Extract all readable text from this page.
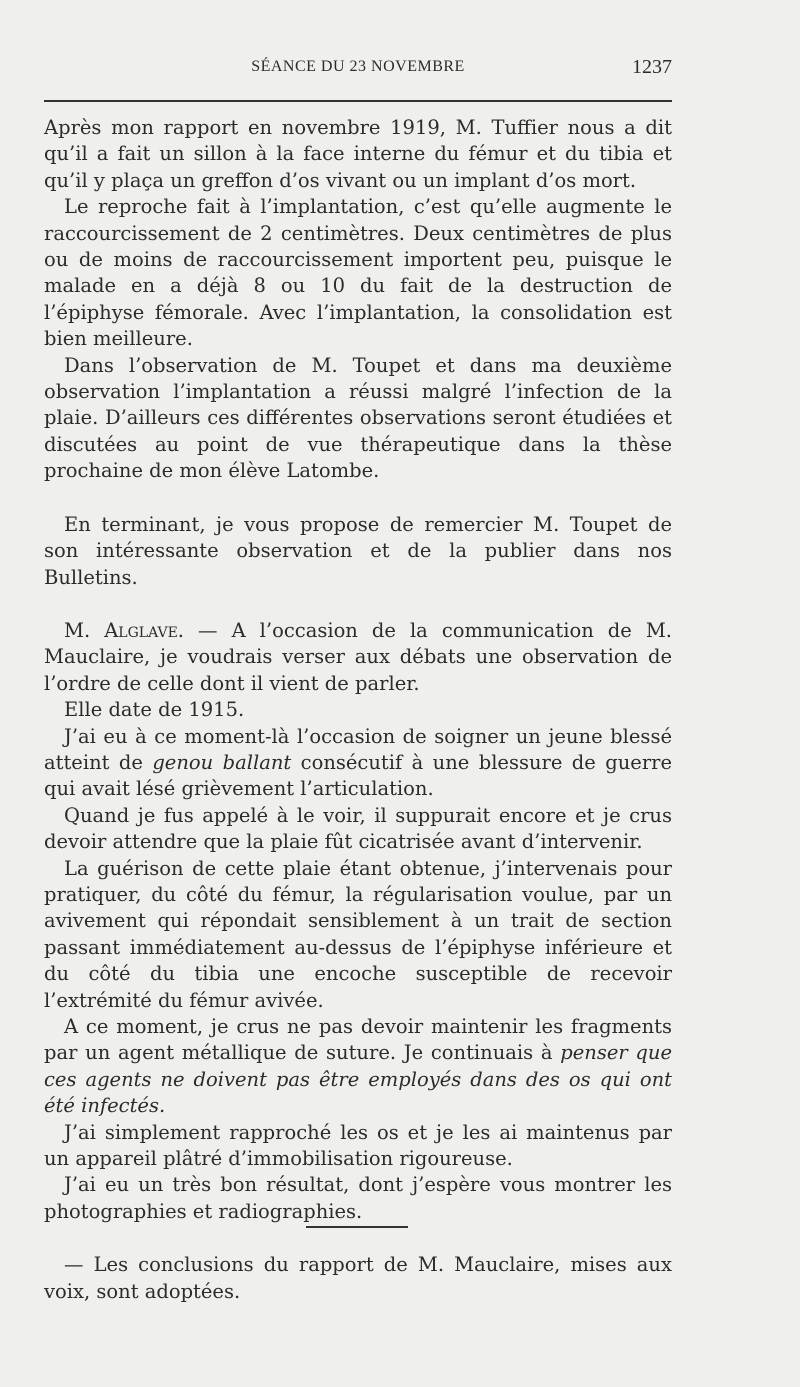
SÉANCE DU 23 NOVEMBRE	1237

Après mon rapport en novembre 1919, M. Tuffier nous a dit qu’il a fait un sillon à la face interne du fémur et du tibia et qu’il y plaça un greffon d’os vivant ou un implant d’os mort.

Le reproche fait à l’implantation, c’est qu’elle augmente le raccourcissement de 2 centimètres. Deux centimètres de plus ou de moins de raccourcissement importent peu, puisque le malade en a déjà 8 ou 10 du fait de la destruction de l’épiphyse fémorale. Avec l’implantation, la consolidation est bien meilleure.

Dans l’observation de M. Toupet et dans ma deuxième observation l’implantation a réussi malgré l’infection de la plaie. D’ailleurs ces différentes observations seront étudiées et discutées au point de vue thérapeutique dans la thèse prochaine de mon élève Latombe.

En terminant, je vous propose de remercier M. Toupet de son intéressante observation et de la publier dans nos Bulletins.

M. Alglave. — A l’occasion de la communication de M. Mauclaire, je voudrais verser aux débats une observation de l’ordre de celle dont il vient de parler.

Elle date de 1915.

J’ai eu à ce moment-là l’occasion de soigner un jeune blessé atteint de genou ballant consécutif à une blessure de guerre qui avait lésé grièvement l’articulation.

Quand je fus appelé à le voir, il suppurait encore et je crus devoir attendre que la plaie fût cicatrisée avant d’intervenir.

La guérison de cette plaie étant obtenue, j’intervenais pour pratiquer, du côté du fémur, la régularisation voulue, par un avivement qui répondait sensiblement à un trait de section passant immédiatement au-dessus de l’épiphyse inférieure et du côté du tibia une encoche susceptible de recevoir l’extrémité du fémur avivée.

A ce moment, je crus ne pas devoir maintenir les fragments par un agent métallique de suture. Je continuais à penser que ces agents ne doivent pas être employés dans des os qui ont été infectés.

J’ai simplement rapproché les os et je les ai maintenus par un appareil plâtré d’immobilisation rigoureuse.

J’ai eu un très bon résultat, dont j’espère vous montrer les photographies et radiographies.

— Les conclusions du rapport de M. Mauclaire, mises aux voix, sont adoptées.
